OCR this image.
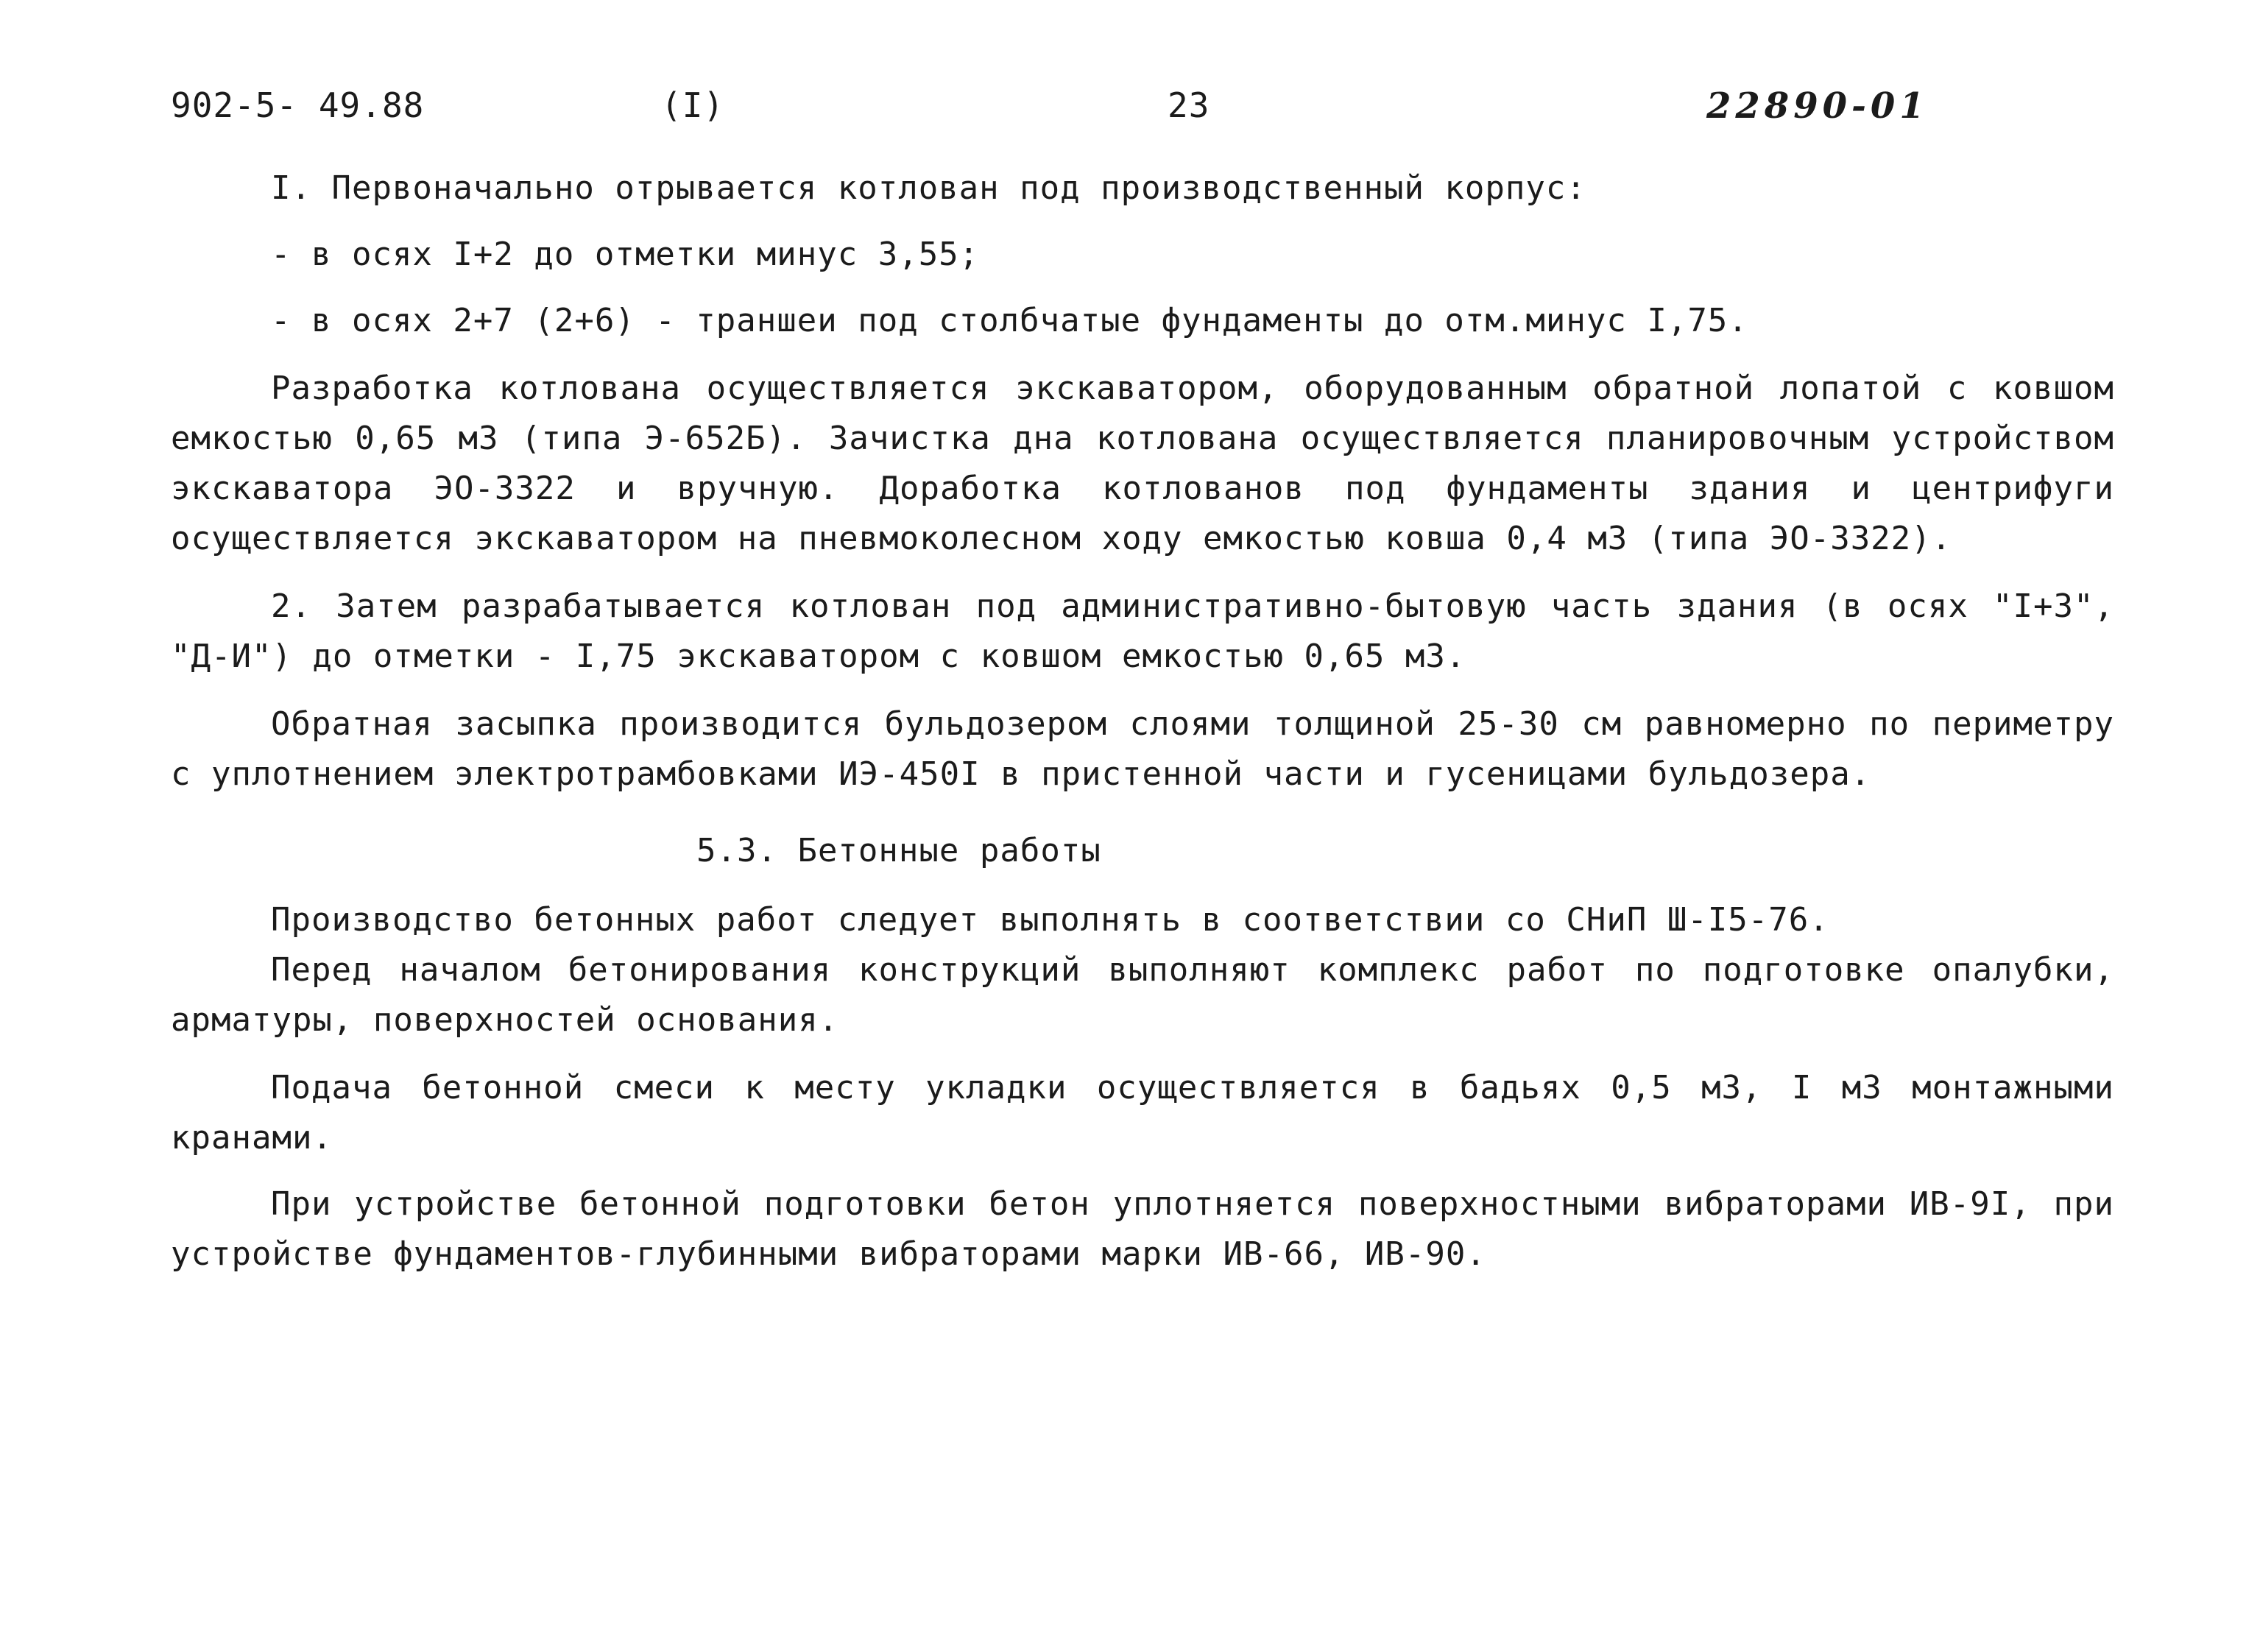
902-5- 49.88	(I)	23	22890-01

I. Первоначально отрывается котлован под производственный корпус:

- в осях I+2 до отметки минус 3,55;

- в осях 2+7 (2+6) - траншеи под столбчатые фундаменты до отм.минус I,75.

Разработка котлована осуществляется экскаватором, оборудованным обратной лопатой с ковшом емкостью 0,65 м3 (типа Э-652Б). Зачистка дна котлована осуществляется планировочным устройством экскаватора ЭО-3322 и вручную. Доработка котлованов под фундаменты здания и центрифуги осуществляется экскаватором на пневмоколесном ходу емкостью ковша 0,4 м3 (типа ЭО-3322).

2. Затем разрабатывается котлован под административно-бытовую часть здания (в осях "I+3", "Д-И") до отметки - I,75 экскаватором с ковшом емкостью 0,65 м3.

Обратная засыпка производится бульдозером слоями толщиной 25-30 см равномерно по периметру с уплотнением электротрамбовками ИЭ-450I в пристенной части и гусеницами бульдозера.

5.3. Бетонные работы

Производство бетонных работ следует выполнять в соответствии со СНиП Ш-I5-76.

Перед началом бетонирования конструкций выполняют комплекс работ по подготовке опалубки, арматуры, поверхностей основания.

Подача бетонной смеси к месту укладки осуществляется в бадьях 0,5 м3, I м3 монтажными кранами.

При устройстве бетонной подготовки бетон уплотняется поверхностными вибраторами ИВ-9I, при устройстве фундаментов-глубинными вибраторами марки ИВ-66, ИВ-90.
